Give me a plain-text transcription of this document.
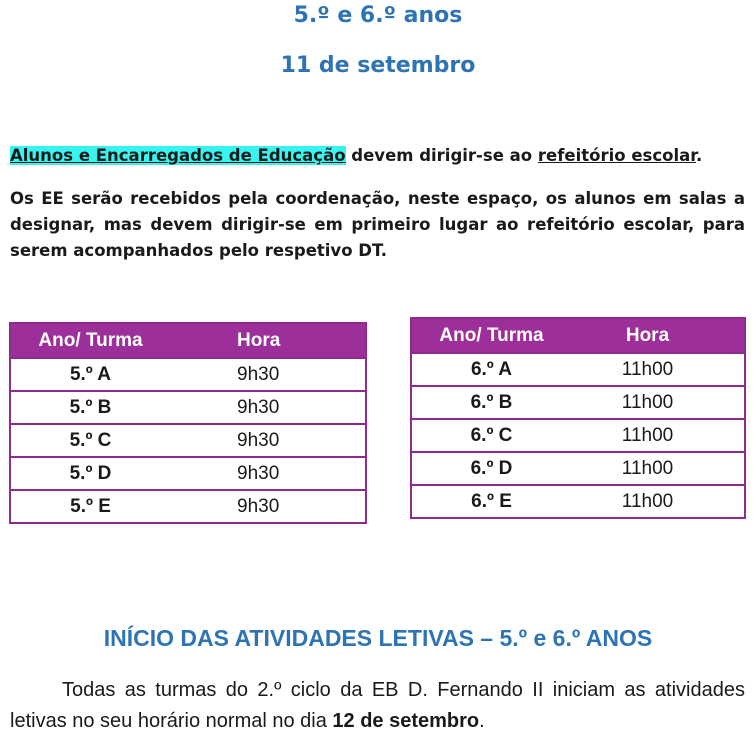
5.º e 6.º anos
11 de setembro
Alunos e Encarregados de Educação devem dirigir-se ao refeitório escolar.
Os EE serão recebidos pela coordenação, neste espaço, os alunos em salas a designar, mas devem dirigir-se em primeiro lugar ao refeitório escolar, para serem acompanhados pelo respetivo DT.
Ano/ Turma	Hora
5.º A	9h30
5.º B	9h30
5.º C	9h30
5.º D	9h30
5.º E	9h30
Ano/ Turma	Hora
6.º A	11h00
6.º B	11h00
6.º C	11h00
6.º D	11h00
6.º E	11h00
INÍCIO DAS ATIVIDADES LETIVAS – 5.º e 6.º ANOS
Todas as turmas do 2.º ciclo da EB D. Fernando II iniciam as atividades letivas no seu horário normal no dia 12 de setembro.
